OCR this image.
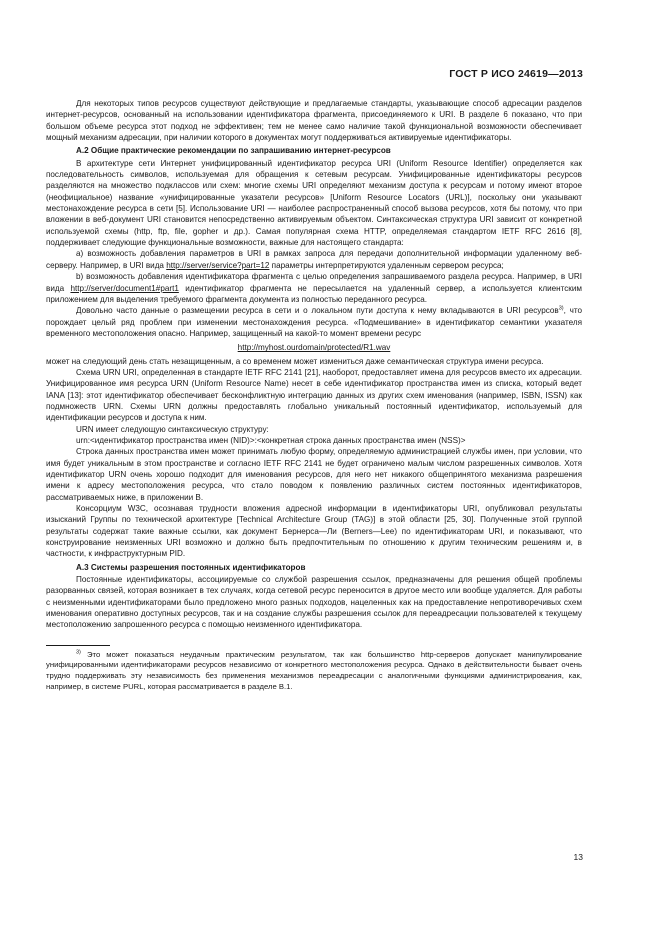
ГОСТ Р ИСО 24619—2013

Для некоторых типов ресурсов существуют действующие и предлагаемые стандарты, указывающие способ адресации разделов интернет-ресурсов, основанный на использовании идентификатора фрагмента, присоединяемого к URI. В разделе 6 показано, что при большом объеме ресурса этот подход не эффективен; тем не менее само наличие такой функциональной возможности обеспечивает мощный механизм адресации, при наличии которого в документах могут поддерживаться активируемые идентификаторы.

А.2 Общие практические рекомендации по запрашиванию интернет-ресурсов

В архитектуре сети Интернет унифицированный идентификатор ресурса URI (Uniform Resource Identifier) определяется как последовательность символов, используемая для обращения к сетевым ресурсам. Унифицированные идентификаторы ресурсов разделяются на множество подклассов или схем: многие схемы URI определяют механизм доступа к ресурсам и потому имеют второе (неофициальное) название «унифицированные указатели ресурсов» [Uniform Resource Locators (URL)], поскольку они указывают местонахождение ресурса в сети [5]. Использование URI — наиболее распространенный способ вызова ресурсов, хотя бы потому, что при вложении в веб-документ URI становится непосредственно активируемым объектом. Синтаксическая структура URI зависит от конкретной используемой схемы (http, ftp, file, gopher и др.). Самая популярная схема HTTP, определяемая стандартом IETF RFC 2616 [8], поддерживает следующие функциональные возможности, важные для настоящего стандарта:

а) возможность добавления параметров в URI в рамках запроса для передачи дополнительной информации удаленному веб-серверу. Например, в URI вида http://server/service?part=12 параметры интерпретируются удаленным сервером ресурса;

b) возможность добавления идентификатора фрагмента с целью определения запрашиваемого раздела ресурса. Например, в URI вида http://server/document1#part1 идентификатор фрагмента не пересылается на удаленный сервер, а используется клиентским приложением для выделения требуемого фрагмента документа из полностью переданного ресурса.

Довольно часто данные о размещении ресурса в сети и о локальном пути доступа к нему вкладываются в URI ресурсов$^{3)}$, что порождает целый ряд проблем при изменении местонахождения ресурса. «Подмешивание» в идентификатор семантики указателя временного местоположения опасно. Например, защищенный на какой-то момент времени ресурс

http://myhost.ourdomain/protected/R1.wav

может на следующий день стать незащищенным, а со временем может измениться даже семантическая структура имени ресурса.

Схема URN URI, определенная в стандарте IETF RFC 2141 [21], наоборот, предоставляет имена для ресурсов вместо их адресации. Унифицированное имя ресурса URN (Uniform Resource Name) несет в себе идентификатор пространства имен из списка, который ведет IANA [13]: этот идентификатор обеспечивает бесконфликтную интеграцию данных из других схем именования (например, ISBN, ISSN) как подмножеств URN. Схемы URN должны предоставлять глобально уникальный постоянный идентификатор, используемый для идентификации ресурсов и доступа к ним.

URN имеет следующую синтаксическую структуру:

urn:<идентификатор пространства имен (NID)>:<конкретная строка данных пространства имен (NSS)>

Строка данных пространства имен может принимать любую форму, определяемую администрацией службы имен, при условии, что имя будет уникальным в этом пространстве и согласно IETF RFC 2141 не будет ограничено малым числом разрешенных символов. Хотя идентификатор URN очень хорошо подходит для именования ресурсов, для него нет никакого общепринятого механизма разрешения имени к адресу местоположения ресурса, что стало поводом к появлению различных систем постоянных идентификаторов, рассматриваемых ниже, в приложении В.

Консорциум W3C, осознавая трудности вложения адресной информации в идентификаторы URI, опубликовал результаты изысканий Группы по технической архитектуре [Technical Architecture Group (TAG)] в этой области [25, 30]. Полученные этой группой результаты содержат такие важные ссылки, как документ Бернерса—Ли (Berners—Lee) по идентификаторам URI, и показывают, что конструирование неизменных URI возможно и должно быть предпочтительным по отношению к другим техническим решениям и, в частности, к инфраструктурным PID.

А.3 Системы разрешения постоянных идентификаторов

Постоянные идентификаторы, ассоциируемые со службой разрешения ссылок, предназначены для решения общей проблемы разорванных связей, которая возникает в тех случаях, когда сетевой ресурс переносится в другое место или вообще удаляется. Для работы с неизменными идентификаторами было предложено много разных подходов, нацеленных как на предоставление непротиворечивых схем именования оперативно доступных ресурсов, так и на создание службы разрешения ссылок для переадресации пользователей к текущему местоположению запрошенного ресурса с помощью неизменного идентификатора.

$^{3)}$ Это может показаться неудачным практическим результатом, так как большинство http-серверов допускает манипулирование унифицированными идентификаторами ресурсов независимо от конкретного местоположения ресурса. Однако в действительности бывает очень трудно поддерживать эту независимость без применения механизмов переадресации с аналогичными функциями администрирования, как, например, в системе PURL, которая рассматривается в разделе В.1.

13
